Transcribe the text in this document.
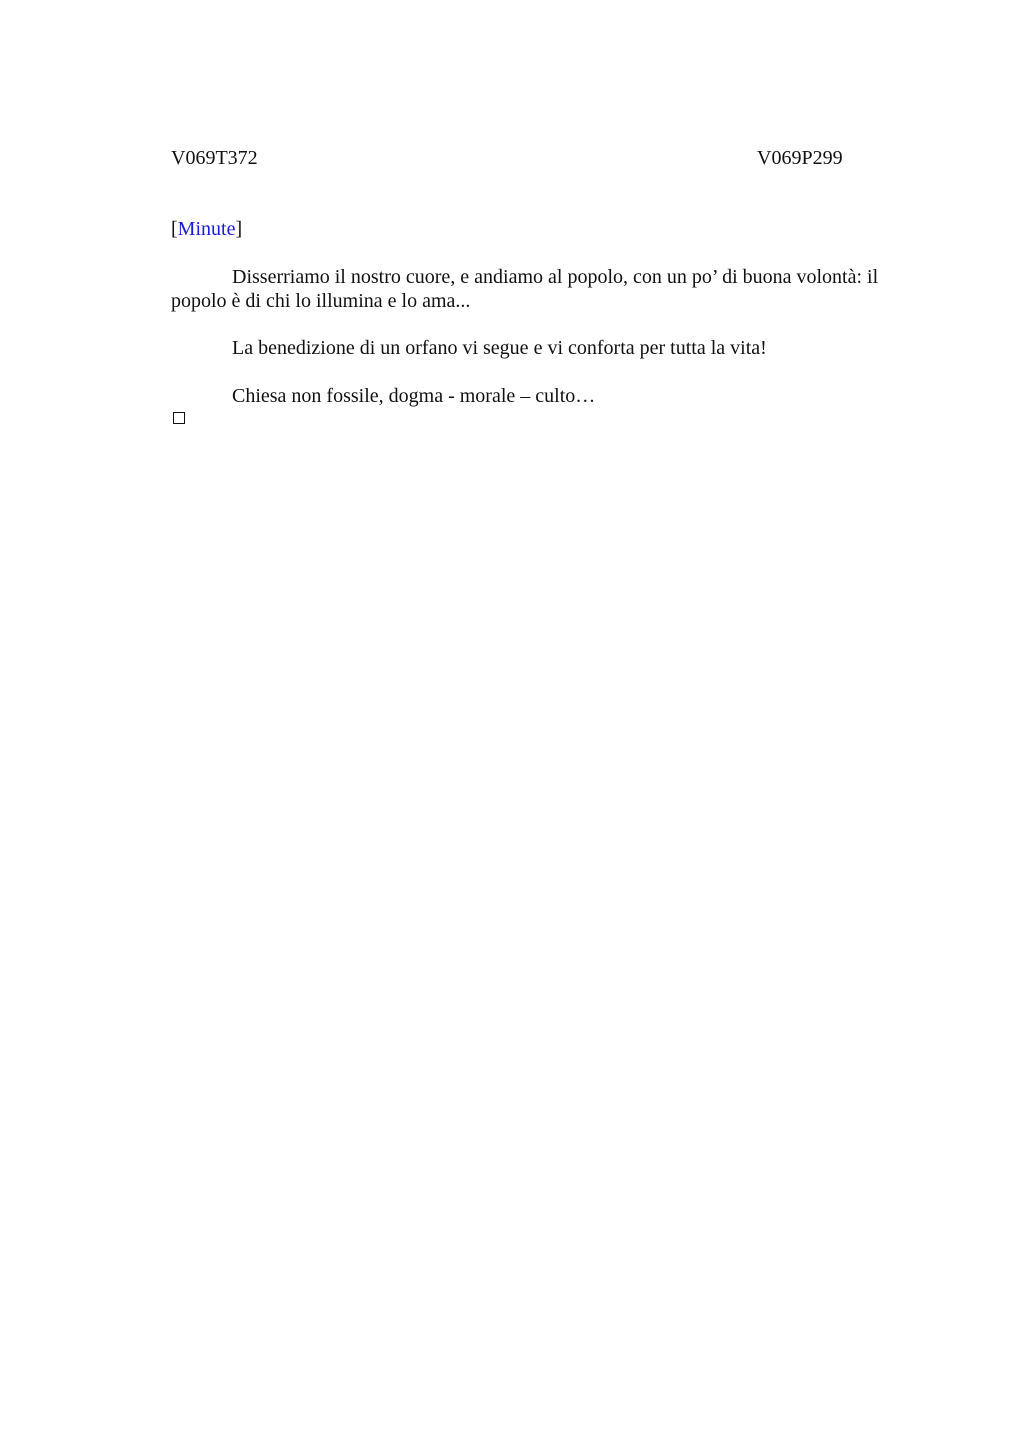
V069T372	V069P299
[Minute]

Disserriamo il nostro cuore, e andiamo al popolo, con un po’ di buona volontà: il popolo è di chi lo illumina e lo ama...

La benedizione di un orfano vi segue e vi conforta per tutta la vita!

Chiesa non fossile, dogma - morale – culto…
